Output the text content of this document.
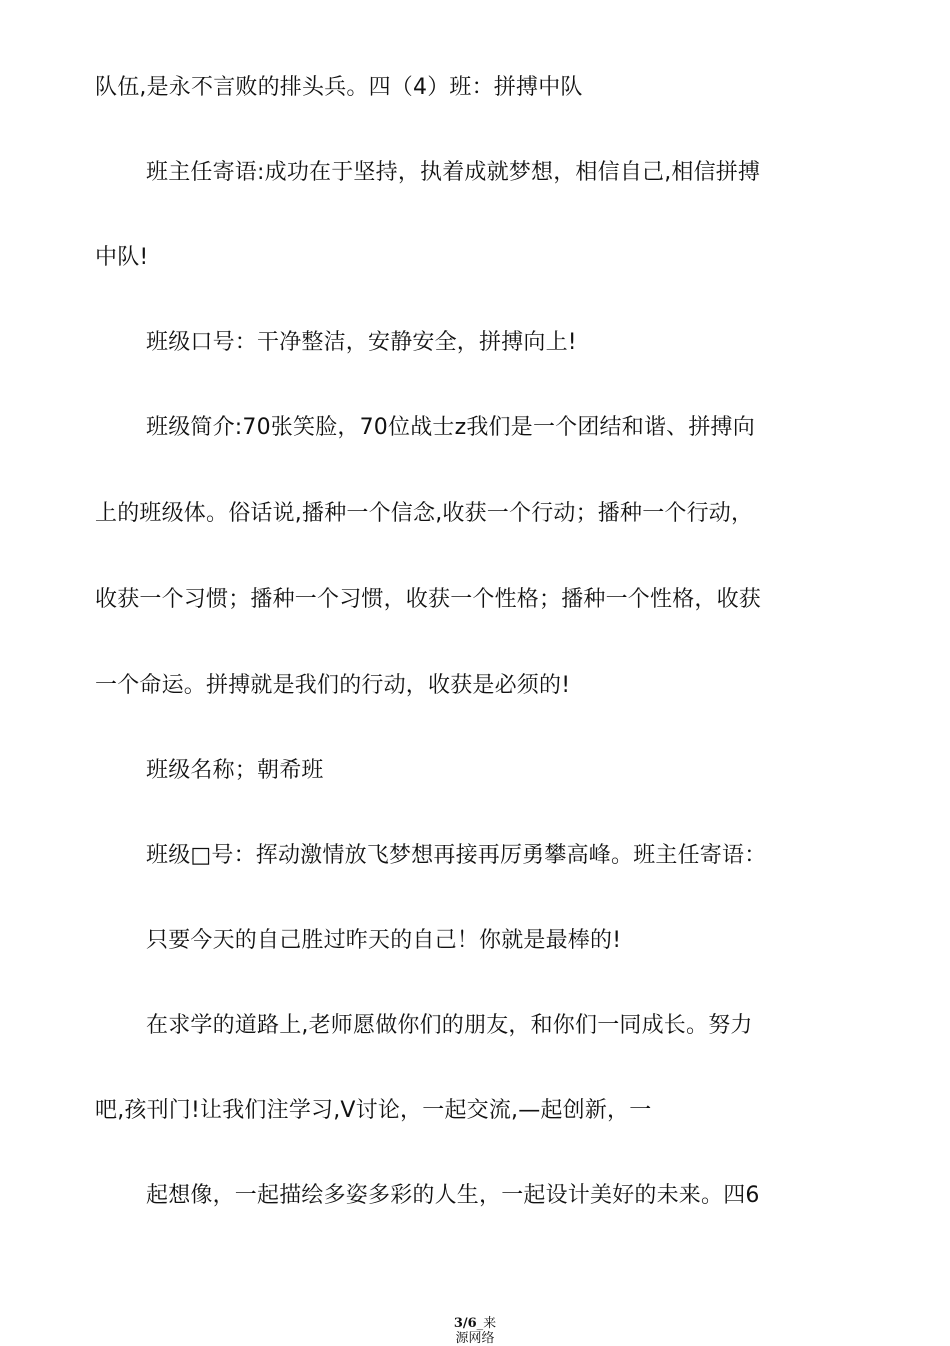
队伍,是永不言败的排头兵。四（4）班：拼搏中队
班主任寄语:成功在于坚持，执着成就梦想，相信自己,相信拼搏
中队!
班级口号：干净整洁，安静安全，拼搏向上!
班级简介:70张笑脸，70位战士z我们是一个团结和谐、拼搏向
上的班级体。俗话说,播种一个信念,收获一个行动；播种一个行动，
收获一个习惯；播种一个习惯，收获一个性格；播种一个性格，收获
一个命运。拼搏就是我们的行动，收获是必须的!
班级名称；朝希班
班级□号：挥动激情放飞梦想再接再厉勇攀高峰。班主任寄语：
只要今天的自己胜过昨天的自己！你就是最棒的!
在求学的道路上,老师愿做你们的朋友，和你们一同成长。努力
吧,孩刊门!让我们注学习,V讨论，一起交流,—起创新，一
起想像，一起描绘多姿多彩的人生，一起设计美好的未来。四6
3/6_来
源网络
